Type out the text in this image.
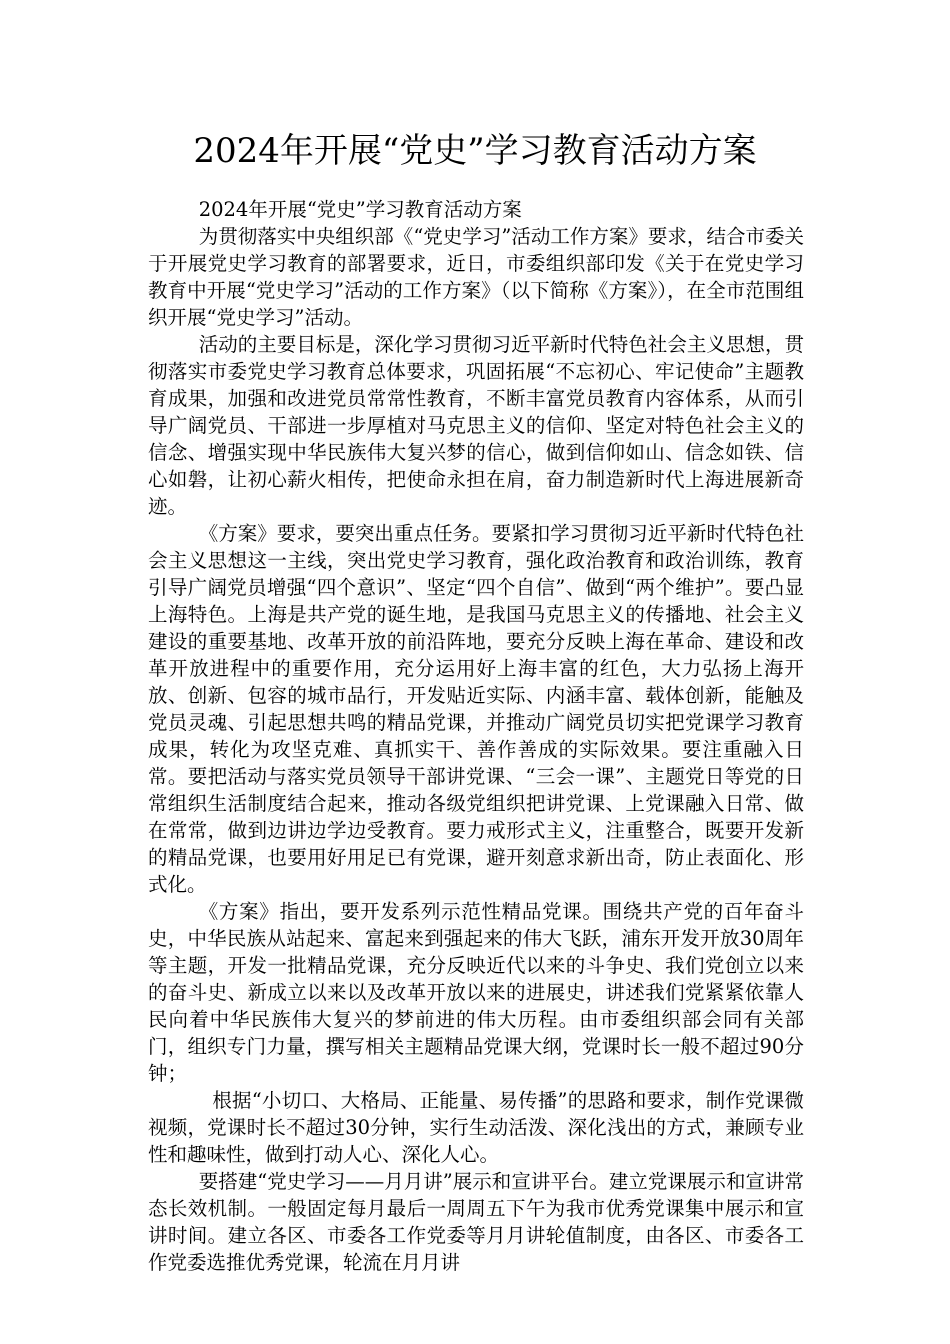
2024年开展“党史”学习教育活动方案

2024年开展“党史”学习教育活动方案

为贯彻落实中央组织部《“党史学习”活动工作方案》要求，结合市委关于开展党史学习教育的部署要求，近日，市委组织部印发《关于在党史学习教育中开展“党史学习”活动的工作方案》（以下简称《方案》），在全市范围组织开展“党史学习”活动。

活动的主要目标是，深化学习贯彻习近平新时代特色社会主义思想，贯彻落实市委党史学习教育总体要求，巩固拓展“不忘初心、牢记使命”主题教育成果，加强和改进党员常常性教育，不断丰富党员教育内容体系，从而引导广阔党员、干部进一步厚植对马克思主义的信仰、坚定对特色社会主义的信念、增强实现中华民族伟大复兴梦的信心，做到信仰如山、信念如铁、信心如磐，让初心薪火相传，把使命永担在肩，奋力制造新时代上海进展新奇迹。

《方案》要求，要突出重点任务。要紧扣学习贯彻习近平新时代特色社会主义思想这一主线，突出党史学习教育，强化政治教育和政治训练，教育引导广阔党员增强“四个意识”、坚定“四个自信”、做到“两个维护”。要凸显上海特色。上海是共产党的诞生地，是我国马克思主义的传播地、社会主义建设的重要基地、改革开放的前沿阵地，要充分反映上海在革命、建设和改革开放进程中的重要作用，充分运用好上海丰富的红色，大力弘扬上海开放、创新、包容的城市品行，开发贴近实际、内涵丰富、载体创新，能触及党员灵魂、引起思想共鸣的精品党课，并推动广阔党员切实把党课学习教育成果，转化为攻坚克难、真抓实干、善作善成的实际效果。要注重融入日常。要把活动与落实党员领导干部讲党课、“三会一课”、主题党日等党的日常组织生活制度结合起来，推动各级党组织把讲党课、上党课融入日常、做在常常，做到边讲边学边受教育。要力戒形式主义，注重整合，既要开发新的精品党课，也要用好用足已有党课，避开刻意求新出奇，防止表面化、形式化。

《方案》指出，要开发系列示范性精品党课。围绕共产党的百年奋斗史，中华民族从站起来、富起来到强起来的伟大飞跃，浦东开发开放30周年等主题，开发一批精品党课，充分反映近代以来的斗争史、我们党创立以来的奋斗史、新成立以来以及改革开放以来的进展史，讲述我们党紧紧依靠人民向着中华民族伟大复兴的梦前进的伟大历程。由市委组织部会同有关部门，组织专门力量，撰写相关主题精品党课大纲，党课时长一般不超过90分钟；

根据“小切口、大格局、正能量、易传播”的思路和要求，制作党课微视频，党课时长不超过30分钟，实行生动活泼、深化浅出的方式，兼顾专业性和趣味性，做到打动人心、深化人心。

要搭建“党史学习——月月讲”展示和宣讲平台。建立党课展示和宣讲常态长效机制。一般固定每月最后一周周五下午为我市优秀党课集中展示和宣讲时间。建立各区、市委各工作党委等月月讲轮值制度，由各区、市委各工作党委选推优秀党课，轮流在月月讲
